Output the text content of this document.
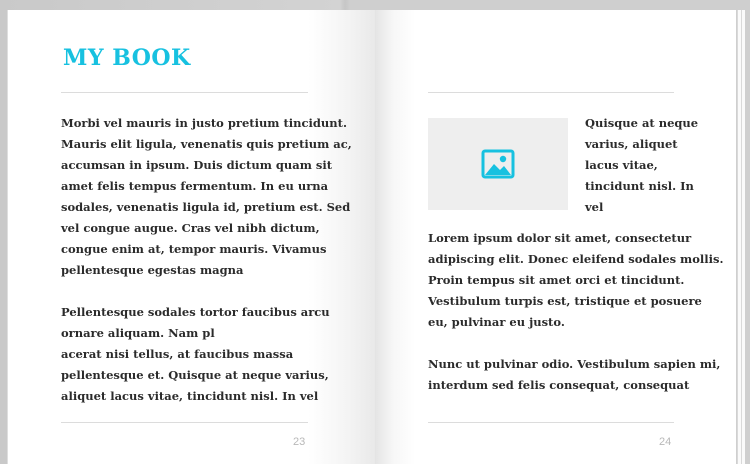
MY BOOK
Morbi vel mauris in justo pretium tincidunt.
Mauris elit ligula, venenatis quis pretium ac,
accumsan in ipsum. Duis dictum quam sit
amet felis tempus fermentum. In eu urna
sodales, venenatis ligula id, pretium est. Sed
vel congue augue. Cras vel nibh dictum,
congue enim at, tempor mauris. Vivamus
pellentesque egestas magna
Pellentesque sodales tortor faucibus arcu
ornare aliquam. Nam pl
acerat nisi tellus, at faucibus massa
pellentesque et. Quisque at neque varius,
aliquet lacus vitae, tincidunt nisl. In vel
23
Quisque at neque
varius, aliquet
lacus vitae,
tincidunt nisl. In
vel
Lorem ipsum dolor sit amet, consectetur
adipiscing elit. Donec eleifend sodales mollis.
Proin tempus sit amet orci et tincidunt.
Vestibulum turpis est, tristique et posuere
eu, pulvinar eu justo.
Nunc ut pulvinar odio. Vestibulum sapien mi,
interdum sed felis consequat, consequat
24
